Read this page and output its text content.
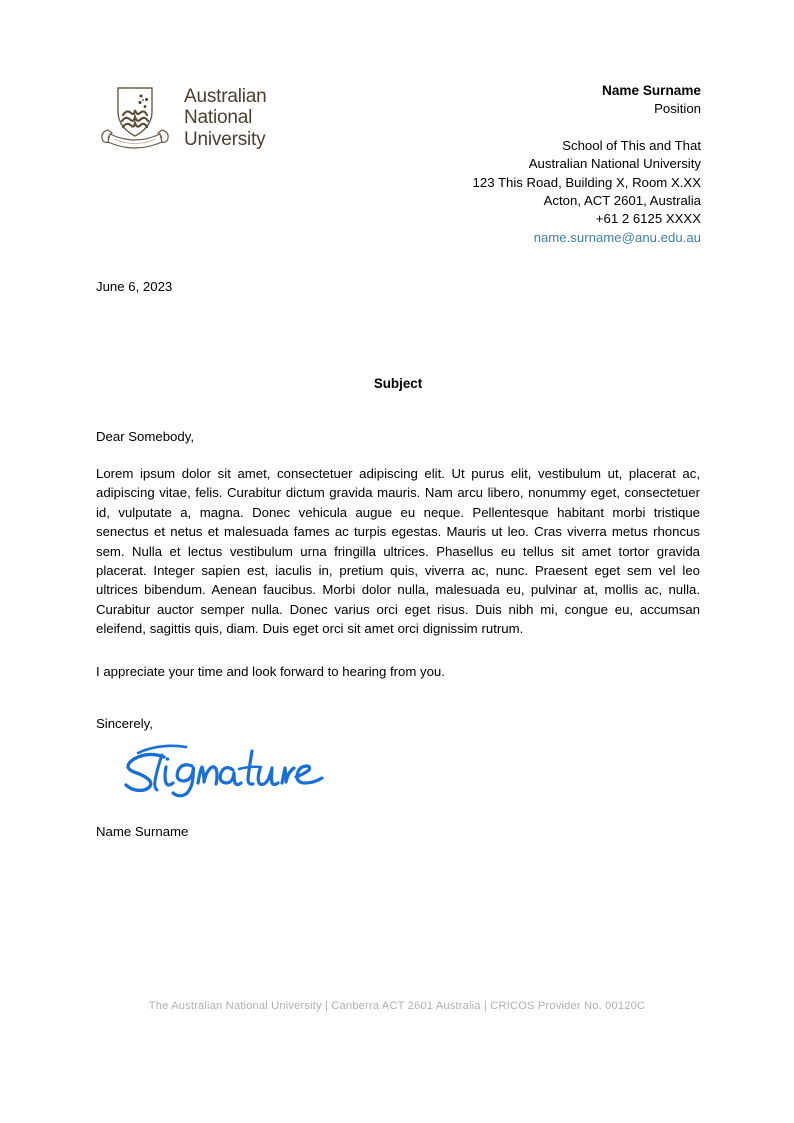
Australian
National
University
Name Surname
Position
School of This and That
Australian National University
123 This Road, Building X, Room X.XX
Acton, ACT 2601, Australia
+61 2 6125 XXXX
name.surname@anu.edu.au
June 6, 2023
Subject
Dear Somebody,
Lorem ipsum dolor sit amet, consectetuer adipiscing elit. Ut purus elit, vestibulum ut, placerat ac, adipiscing vitae, felis. Curabitur dictum gravida mauris. Nam arcu libero, nonummy eget, consectetuer id, vulputate a, magna. Donec vehicula augue eu neque. Pellentesque habitant morbi tristique senectus et netus et malesuada fames ac turpis egestas. Mauris ut leo. Cras viverra metus rhoncus sem. Nulla et lectus vestibulum urna fringilla ultrices. Phasellus eu tellus sit amet tortor gravida placerat. Integer sapien est, iaculis in, pretium quis, viverra ac, nunc. Praesent eget sem vel leo ultrices bibendum. Aenean faucibus. Morbi dolor nulla, malesuada eu, pulvinar at, mollis ac, nulla. Curabitur auctor semper nulla. Donec varius orci eget risus. Duis nibh mi, congue eu, accumsan eleifend, sagittis quis, diam. Duis eget orci sit amet orci dignissim rutrum.
I appreciate your time and look forward to hearing from you.
Sincerely,
Name Surname
The Australian National University | Canberra ACT 2601 Australia | CRICOS Provider No. 00120C
